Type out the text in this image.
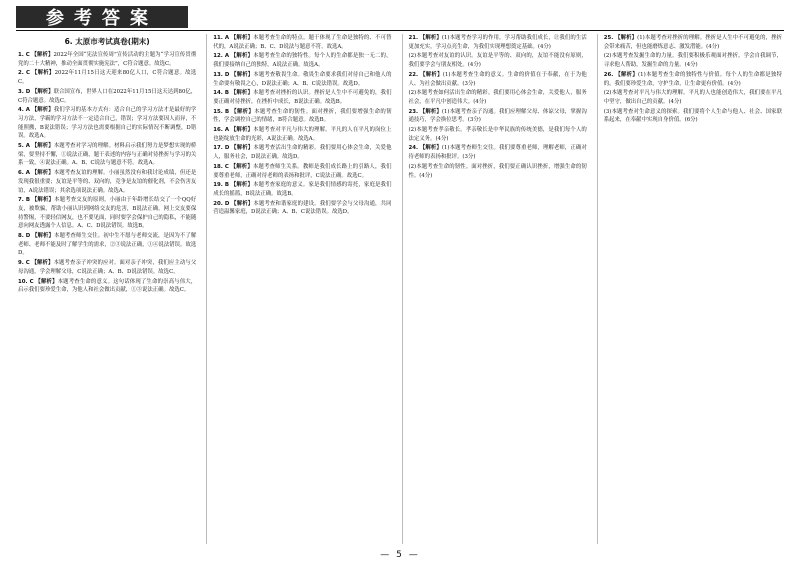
参考答案
6. 太原市考试真卷(期末)
1. C 【解析】2022年全国“宪法宣传周”宣传活动的主题为“学习宣传贯彻党的二十大精神，推动全面贯彻实施宪法”，C符合题意。故选C。
2. C 【解析】2022年11月15日这天迎来80亿人口，C符合题意。故选C。
3. D 【解析】联合国宣布，世界人口在2022年11月15日这天达到80亿，C符合题意。故选C。
4. A 【解析】我们学习的基本方式有：适合自己的学习方法才是最好的学习方法，学霸的学习方法不一定适合自己，错误；学习方法要因人而异，不能照搬，B说法错误；学习方法也需要根据自己的实际情况不断调整，D错误。故选A。
5. A 【解析】本题考查对学习的理解。材料启示我们努力是梦想实现的桥梁，要坚持不懈，①说法正确，题干表述的内容与正确对待挫折与学习的关系一致，④说法正确。A、B、C说法与题意不符。故选A。
6. A 【解析】本题考查友谊的理解。小丽虽然没有和我讨论成绩，但还是发现我很重要；友谊是平等的、双向的，竞争是友谊的催化剂，不会伤害友谊，A说法错误；其余选项说法正确。故选A。
7. B 【解析】本题考查交友的原则。小丽由于年龄增长结交了一个QQ好友，被欺骗，帮助小丽认识到网络交友的危害，B说法正确。网上交友要保持警惕，不要轻信网友，也不要见面，同时要学会保护自己的隐私，不能随意向网友透露个人信息。A、C、D说法错误。故选B。
8. D 【解析】本题考查师生交往。初中生不愿与老师交流，是因为不了解老师、老师不能及时了解学生的需求，②③说法正确，①④说法错误。故选D。
9. C 【解析】本题考查亲子冲突的应对。面对亲子冲突，我们应主动与父母沟通，学会理解父母，C说法正确；A、B、D说法错误。故选C。
10. C 【解析】本题考查生命的意义。这句话体现了生命的崇高与伟大，启示我们要珍爱生命，为他人和社会做出贡献，①③说法正确。故选C。
11. A 【解析】本题考查生命的特点。题干体现了生命是独特的、不可替代的，A说法正确；B、C、D说法与题意不符。故选A。
12. A 【解析】本题考查生命的独特性。每个人的生命都是独一无二的，我们要接纳自己的独特，A说法正确。故选A。
13. D 【解析】本题考查敬畏生命。敬畏生命要求我们对待自己和他人的生命要有敬畏之心，D说法正确；A、B、C说法错误。故选D。
14. B 【解析】本题考查对挫折的认识。挫折是人生中不可避免的，我们要正确对待挫折，在挫折中成长，B说法正确。故选B。
15. B 【解析】本题考查生命的韧性。面对挫折，我们要增强生命的韧性，学会调控自己的情绪，B符合题意。故选B。
16. A 【解析】本题考查对平凡与伟大的理解。平凡的人在平凡的岗位上也能绽放生命的光彩，A说法正确。故选A。
17. D 【解析】本题考查活出生命的精彩。我们要用心体会生命，关爱他人，服务社会，D说法正确。故选D。
18. C 【解析】本题考查师生关系。教师是我们成长路上的引路人，我们要尊重老师，正确对待老师的表扬和批评，C说法正确。故选C。
19. B 【解析】本题考查家庭的意义。家是我们情感的寄托，家庭是我们成长的摇篮，B说法正确。故选B。
20. D 【解析】本题考查和谐家庭的建设。我们要学会与父母沟通，共同营造温馨家庭，D说法正确；A、B、C说法错误。故选D。
21. 【解析】(1)本题考查学习的作用。学习帮助我们成长，让我们的生活更加充实，学习点亮生命，为我们实现理想奠定基础。(4分)
(2)本题考查对友谊的认识。友谊是平等的、双向的，友谊不能没有原则，我们要学会与朋友相处。(4分)
22. 【解析】(1)本题考查生命的意义。生命的价值在于奉献，在于为他人、为社会做出贡献。(3分)
(2)本题考查如何活出生命的精彩。我们要用心体会生命，关爱他人，服务社会，在平凡中创造伟大。(4分)
23. 【解析】(1)本题考查亲子沟通。我们应理解父母、体谅父母，掌握沟通技巧，学会换位思考。(3分)
(2)本题考查孝亲敬长。孝亲敬长是中华民族的传统美德，是我们每个人的法定义务。(4分)
24. 【解析】(1)本题考查师生交往。我们要尊重老师，理解老师，正确对待老师的表扬和批评。(3分)
(2)本题考查生命的韧性。面对挫折，我们要正确认识挫折，增强生命的韧性。(4分)
25. 【解析】(1)本题考查对挫折的理解。挫折是人生中不可避免的，挫折会带来痛苦，但也能磨炼意志、激发潜能。(4分)
(2)本题考查发掘生命的力量。我们要积极乐观面对挫折，学会自我调节，寻求他人帮助，发掘生命的力量。(4分)
26. 【解析】(1)本题考查生命的独特性与价值。每个人的生命都是独特的，我们要珍爱生命，守护生命，让生命更有价值。(4分)
(2)本题考查对平凡与伟大的理解。平凡的人也能创造伟大，我们要在平凡中坚守，做出自己的贡献。(4分)
(3)本题考查对生命意义的探索。我们要将个人生命与他人、社会、国家联系起来，在奉献中实现自身价值。(6分)
— 5 —
